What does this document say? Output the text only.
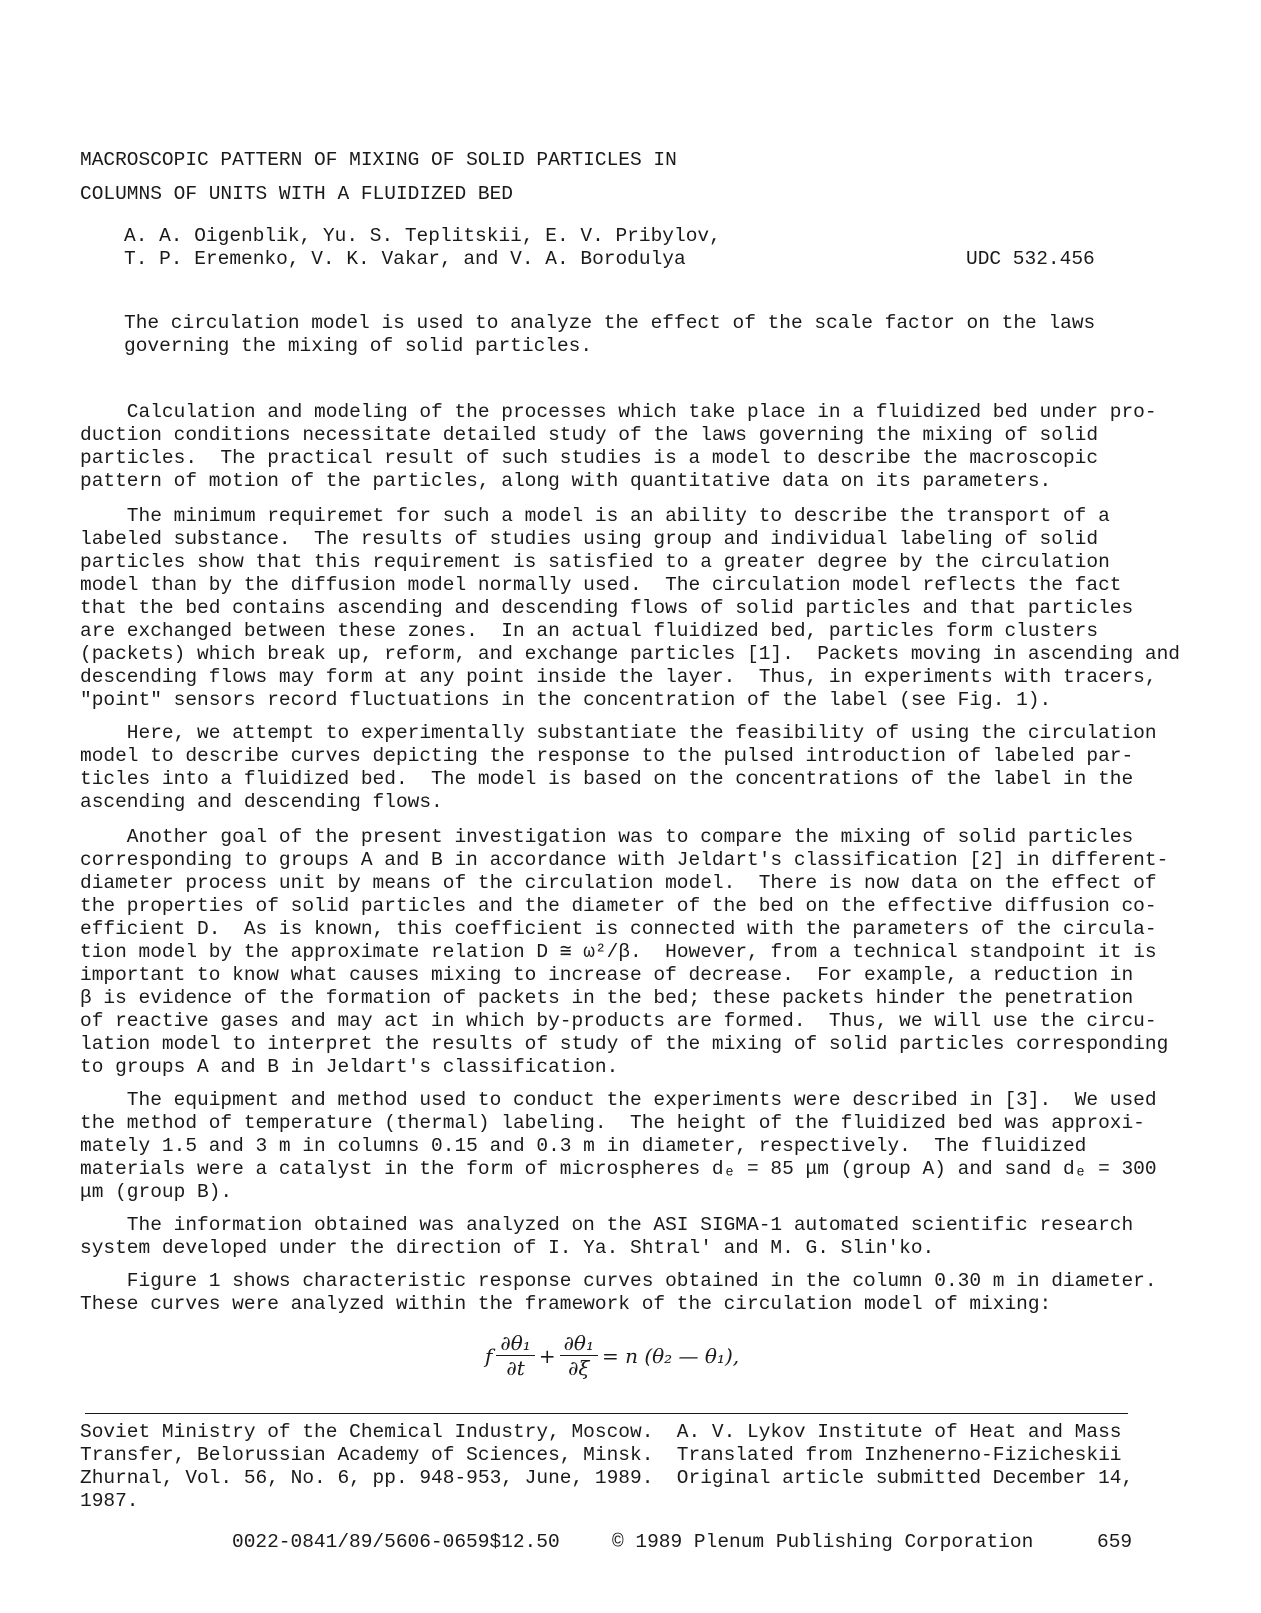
MACROSCOPIC PATTERN OF MIXING OF SOLID PARTICLES IN
COLUMNS OF UNITS WITH A FLUIDIZED BED
A. A. Oigenblik, Yu. S. Teplitskii, E. V. Pribylov,
T. P. Eremenko, V. K. Vakar, and V. A. Borodulya	UDC 532.456
The circulation model is used to analyze the effect of the scale factor on the laws
governing the mixing of solid particles.
Calculation and modeling of the processes which take place in a fluidized bed under pro-
duction conditions necessitate detailed study of the laws governing the mixing of solid
particles.  The practical result of such studies is a model to describe the macroscopic
pattern of motion of the particles, along with quantitative data on its parameters.
The minimum requiremet for such a model is an ability to describe the transport of a
labeled substance.  The results of studies using group and individual labeling of solid
particles show that this requirement is satisfied to a greater degree by the circulation
model than by the diffusion model normally used.  The circulation model reflects the fact
that the bed contains ascending and descending flows of solid particles and that particles
are exchanged between these zones.  In an actual fluidized bed, particles form clusters
(packets) which break up, reform, and exchange particles [1].  Packets moving in ascending and
descending flows may form at any point inside the layer.  Thus, in experiments with tracers,
"point" sensors record fluctuations in the concentration of the label (see Fig. 1).
Here, we attempt to experimentally substantiate the feasibility of using the circulation
model to describe curves depicting the response to the pulsed introduction of labeled par-
ticles into a fluidized bed.  The model is based on the concentrations of the label in the
ascending and descending flows.
Another goal of the present investigation was to compare the mixing of solid particles
corresponding to groups A and B in accordance with Jeldart's classification [2] in different-
diameter process unit by means of the circulation model.  There is now data on the effect of
the properties of solid particles and the diameter of the bed on the effective diffusion co-
efficient D.  As is known, this coefficient is connected with the parameters of the circula-
tion model by the approximate relation D ≅ ω²/β.  However, from a technical standpoint it is
important to know what causes mixing to increase of decrease.  For example, a reduction in
β is evidence of the formation of packets in the bed; these packets hinder the penetration
of reactive gases and may act in which by-products are formed.  Thus, we will use the circu-
lation model to interpret the results of study of the mixing of solid particles corresponding
to groups A and B in Jeldart's classification.
The equipment and method used to conduct the experiments were described in [3].  We used
the method of temperature (thermal) labeling.  The height of the fluidized bed was approxi-
mately 1.5 and 3 m in columns 0.15 and 0.3 m in diameter, respectively.  The fluidized
materials were a catalyst in the form of microspheres dₑ = 85 μm (group A) and sand dₑ = 300
μm (group B).
The information obtained was analyzed on the ASI SIGMA-1 automated scientific research
system developed under the direction of I. Ya. Shtral' and M. G. Slin'ko.
Figure 1 shows characteristic response curves obtained in the column 0.30 m in diameter.
These curves were analyzed within the framework of the circulation model of mixing:
f $\frac{\text{∂θ₁}}{\partial t} + \frac{\text{∂θ₁}}{\partial\xi} = n$ (θ₂ — θ₁),
Soviet Ministry of the Chemical Industry, Moscow.  A. V. Lykov Institute of Heat and Mass
Transfer, Belorussian Academy of Sciences, Minsk.  Translated from Inzhenerno-Fizicheskii
Zhurnal, Vol. 56, No. 6, pp. 948-953, June, 1989.  Original article submitted December 14,
1987.
0022-0841/89/5606-0659$12.50	© 1989 Plenum Publishing Corporation	659
